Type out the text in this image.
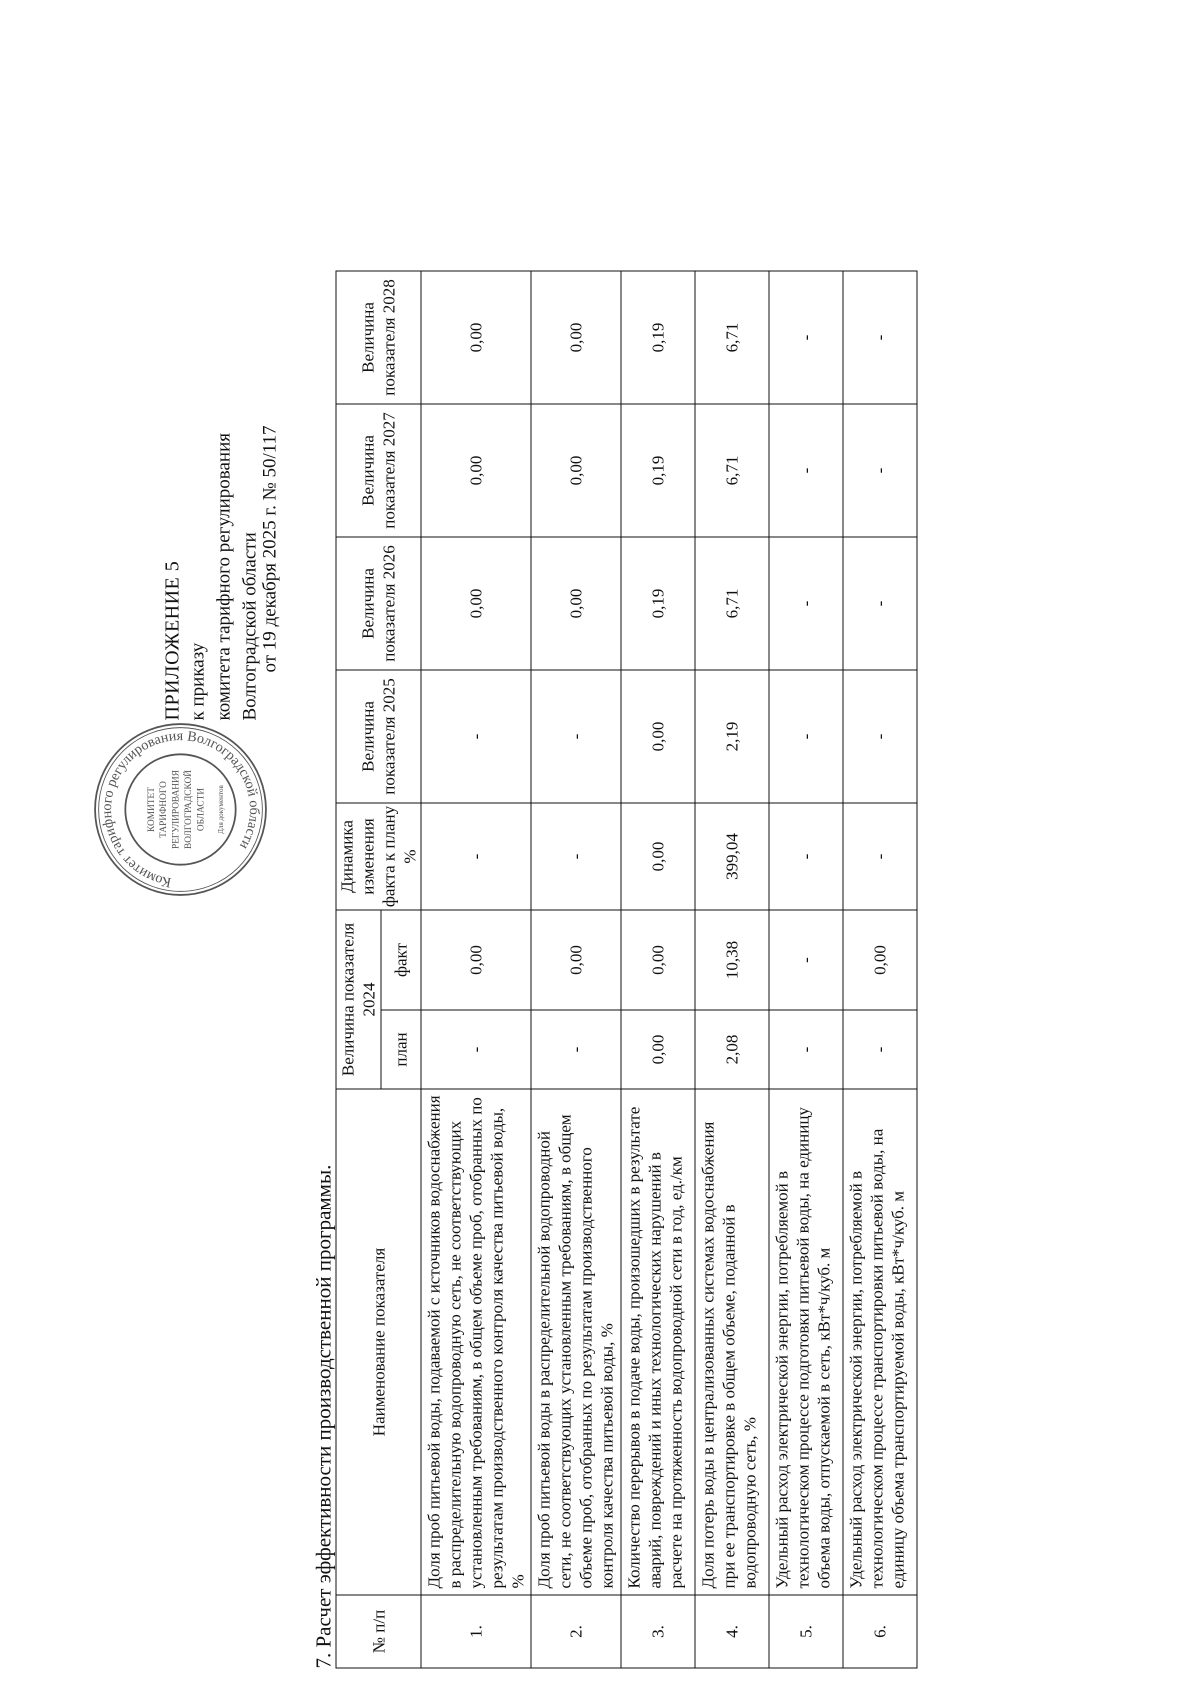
Комитет тарифного регулирования Волгоградской области
КОМИТЕТ ТАРИФНОГО РЕГУЛИРОВАНИЯ ВОЛГОГРАДСКОЙ ОБЛАСТИ Для документов
ПРИЛОЖЕНИЕ 5 к приказу комитета тарифного регулирования Волгоградской области от 19 декабря 2025 г. № 50/117
7. Расчет эффективности производственной программы. № п/п	Наименование показателя	Величина показателя 2024		Динамика изменения факта к плану %	Величина показателя 2025	Величина показателя 2026	Величина показателя 2027	Величина показателя 2028
		план	факт					
1.	Доля проб питьевой воды, подаваемой с источников водоснабжения в распределительную водопроводную сеть, не соответствующих установленным требованиям, в общем объеме проб, отобранных по результатам производственного контроля качества питьевой воды, %	-	0,00	-	-	0,00	0,00	0,00
2.	Доля проб питьевой воды в распределительной водопроводной сети, не соответствующих установленным требованиям, в общем объеме проб, отобранных по результатам производственного контроля качества питьевой воды, %	-	0,00	-	-	0,00	0,00	0,00
3.	Количество перерывов в подаче воды, произошедших в результате аварий, повреждений и иных технологических нарушений в расчете на протяженность водопроводной сети в год, ед./км	0,00	0,00	0,00	0,00	0,19	0,19	0,19
4.	Доля потерь воды в централизованных системах водоснабжения при ее транспортировке в общем объеме, поданной в водопроводную сеть, %	2,08	10,38	399,04	2,19	6,71	6,71	6,71
5.	Удельный расход электрической энергии, потребляемой в технологическом процессе подготовки питьевой воды, на единицу объема воды, отпускаемой в сеть, кВт*ч/куб. м	-	-	-	-	-	-	-
6.	Удельный расход электрической энергии, потребляемой в технологическом процессе транспортировки питьевой воды, на единицу объема транспортируемой воды, кВт*ч/куб. м	-	0,00	-	-	-	-	-
